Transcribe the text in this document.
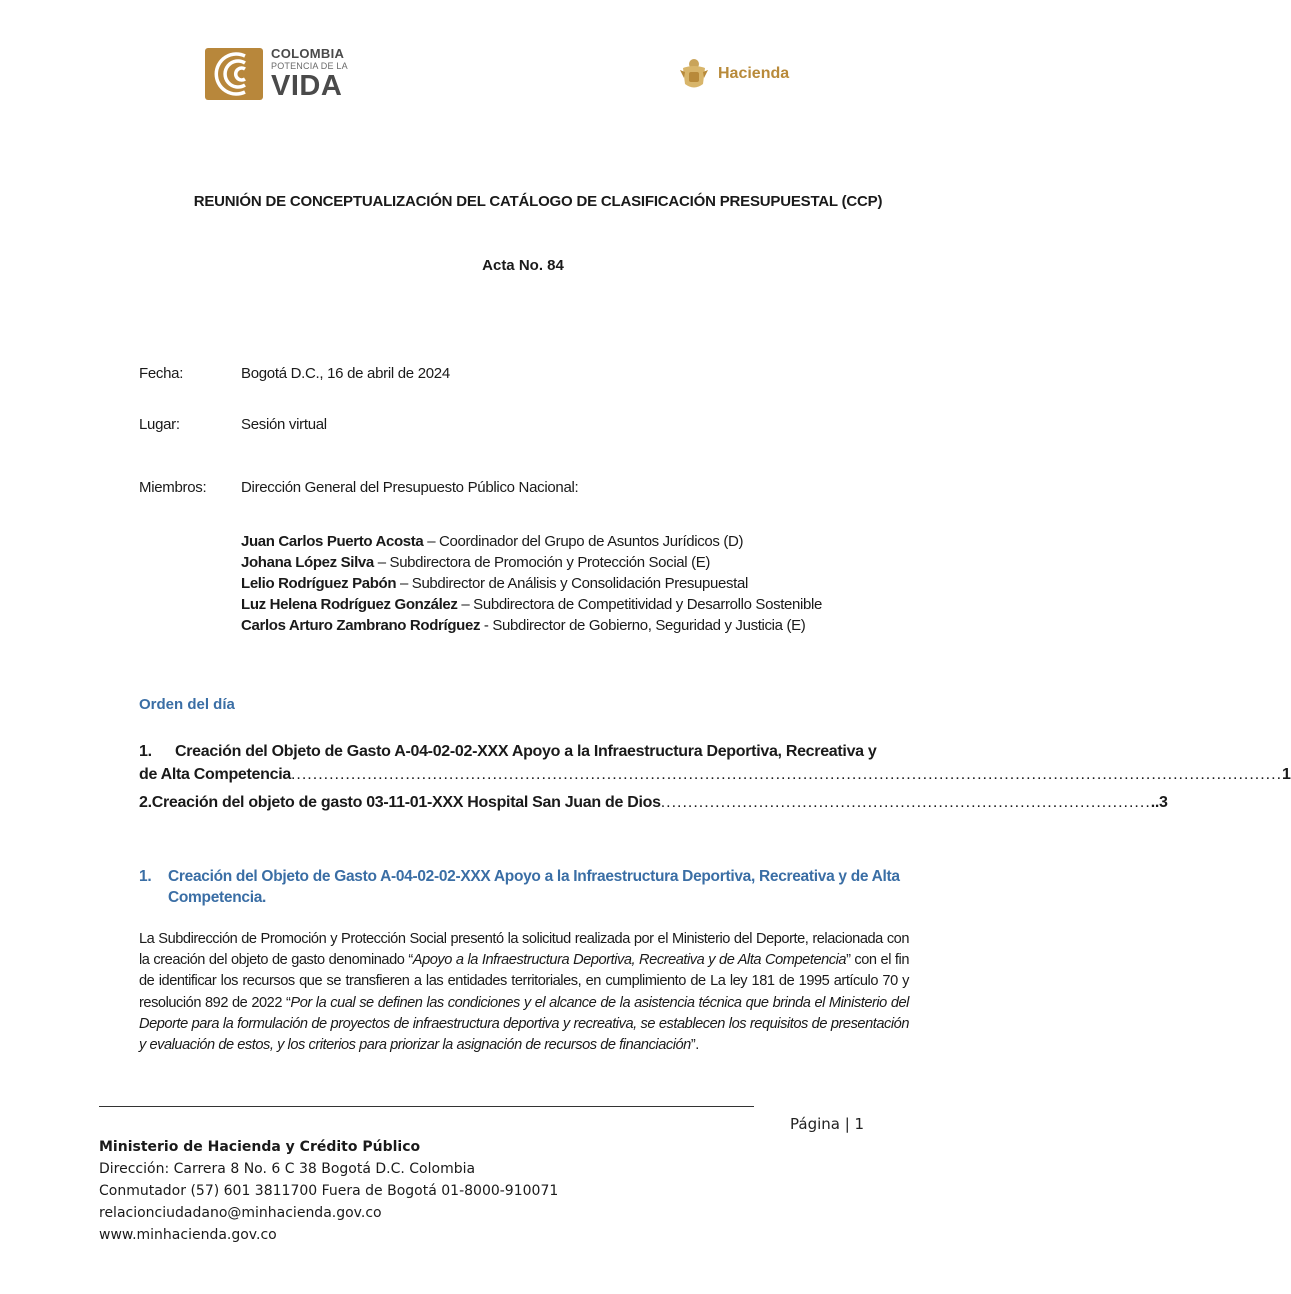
COLOMBIA
POTENCIA DE LA
VIDA	Hacienda
REUNIÓN DE CONCEPTUALIZACIÓN DEL CATÁLOGO DE CLASIFICACIÓN PRESUPUESTAL (CCP)
Acta No. 84
Fecha:	Bogotá D.C., 16 de abril de 2024
Lugar:	Sesión virtual
Miembros: Dirección General del Presupuesto Público Nacional:
Juan Carlos Puerto Acosta – Coordinador del Grupo de Asuntos Jurídicos (D)
Johana López Silva – Subdirectora de Promoción y Protección Social (E)
Lelio Rodríguez Pabón – Subdirector de Análisis y Consolidación Presupuestal
Luz Helena Rodríguez González – Subdirectora de Competitividad y Desarrollo Sostenible
Carlos Arturo Zambrano Rodríguez - Subdirector de Gobierno, Seguridad y Justicia (E)
Orden del día
1. Creación del Objeto de Gasto A-04-02-02-XXX Apoyo a la Infraestructura Deportiva, Recreativa y
de Alta Competencia ...................................................................................................................................................................................... 1
2. Creación del objeto de gasto 03-11-01-XXX Hospital San Juan de Dios .......................................................................................... ..3
1. Creación del Objeto de Gasto A-04-02-02-XXX Apoyo a la Infraestructura Deportiva, Recreativa y de Alta Competencia.
La Subdirección de Promoción y Protección Social presentó la solicitud realizada por el Ministerio del Deporte, relacionada con la creación del objeto de gasto denominado “Apoyo a la Infraestructura Deportiva, Recreativa y de Alta Competencia” con el fin de identificar los recursos que se transfieren a las entidades territoriales, en cumplimiento de La ley 181 de 1995 artículo 70 y resolución 892 de 2022 “Por la cual se definen las condiciones y el alcance de la asistencia técnica que brinda el Ministerio del Deporte para la formulación de proyectos de infraestructura deportiva y recreativa, se establecen los requisitos de presentación y evaluación de estos, y los criterios para priorizar la asignación de recursos de financiación”.
Página | 1
Ministerio de Hacienda y Crédito Público
Dirección: Carrera 8 No. 6 C 38 Bogotá D.C. Colombia
Conmutador (57) 601 3811700 Fuera de Bogotá 01-8000-910071
relacionciudadano@minhacienda.gov.co
www.minhacienda.gov.co
